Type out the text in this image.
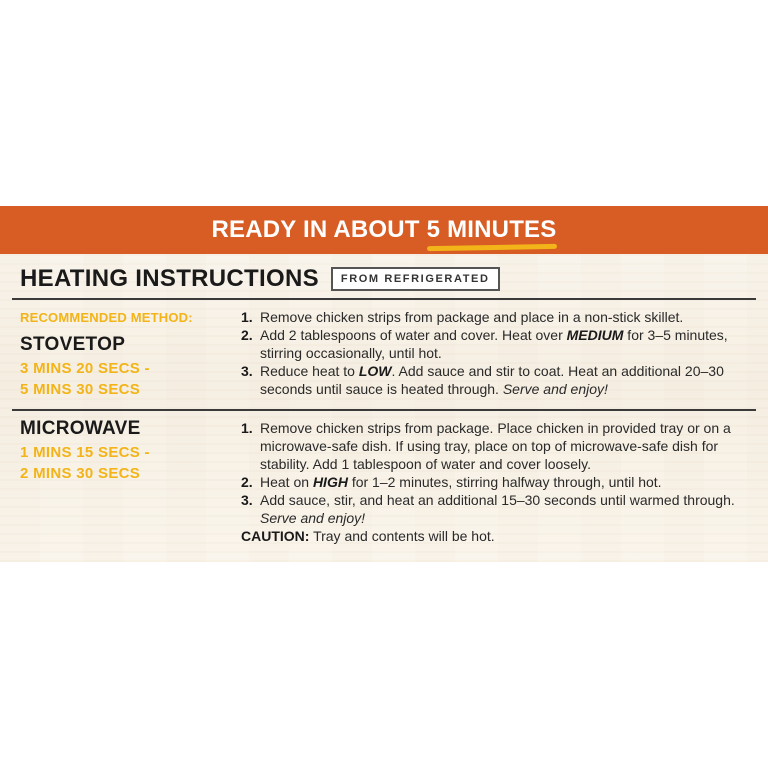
READY IN ABOUT 5 MINUTES
HEATING INSTRUCTIONS	FROM REFRIGERATED
RECOMMENDED METHOD:
STOVETOP
3 MINS 20 SECS -
5 MINS 30 SECS
1. Remove chicken strips from package and place in a non-stick skillet.
2. Add 2 tablespoons of water and cover. Heat over MEDIUM for 3–5 minutes, stirring occasionally, until hot.
3. Reduce heat to LOW. Add sauce and stir to coat. Heat an additional 20–30 seconds until sauce is heated through. Serve and enjoy!
MICROWAVE
1 MINS 15 SECS -
2 MINS 30 SECS
1. Remove chicken strips from package. Place chicken in provided tray or on a microwave-safe dish. If using tray, place on top of microwave-safe dish for stability. Add 1 tablespoon of water and cover loosely.
2. Heat on HIGH for 1–2 minutes, stirring halfway through, until hot.
3. Add sauce, stir, and heat an additional 15–30 seconds until warmed through. Serve and enjoy!
CAUTION: Tray and contents will be hot.
